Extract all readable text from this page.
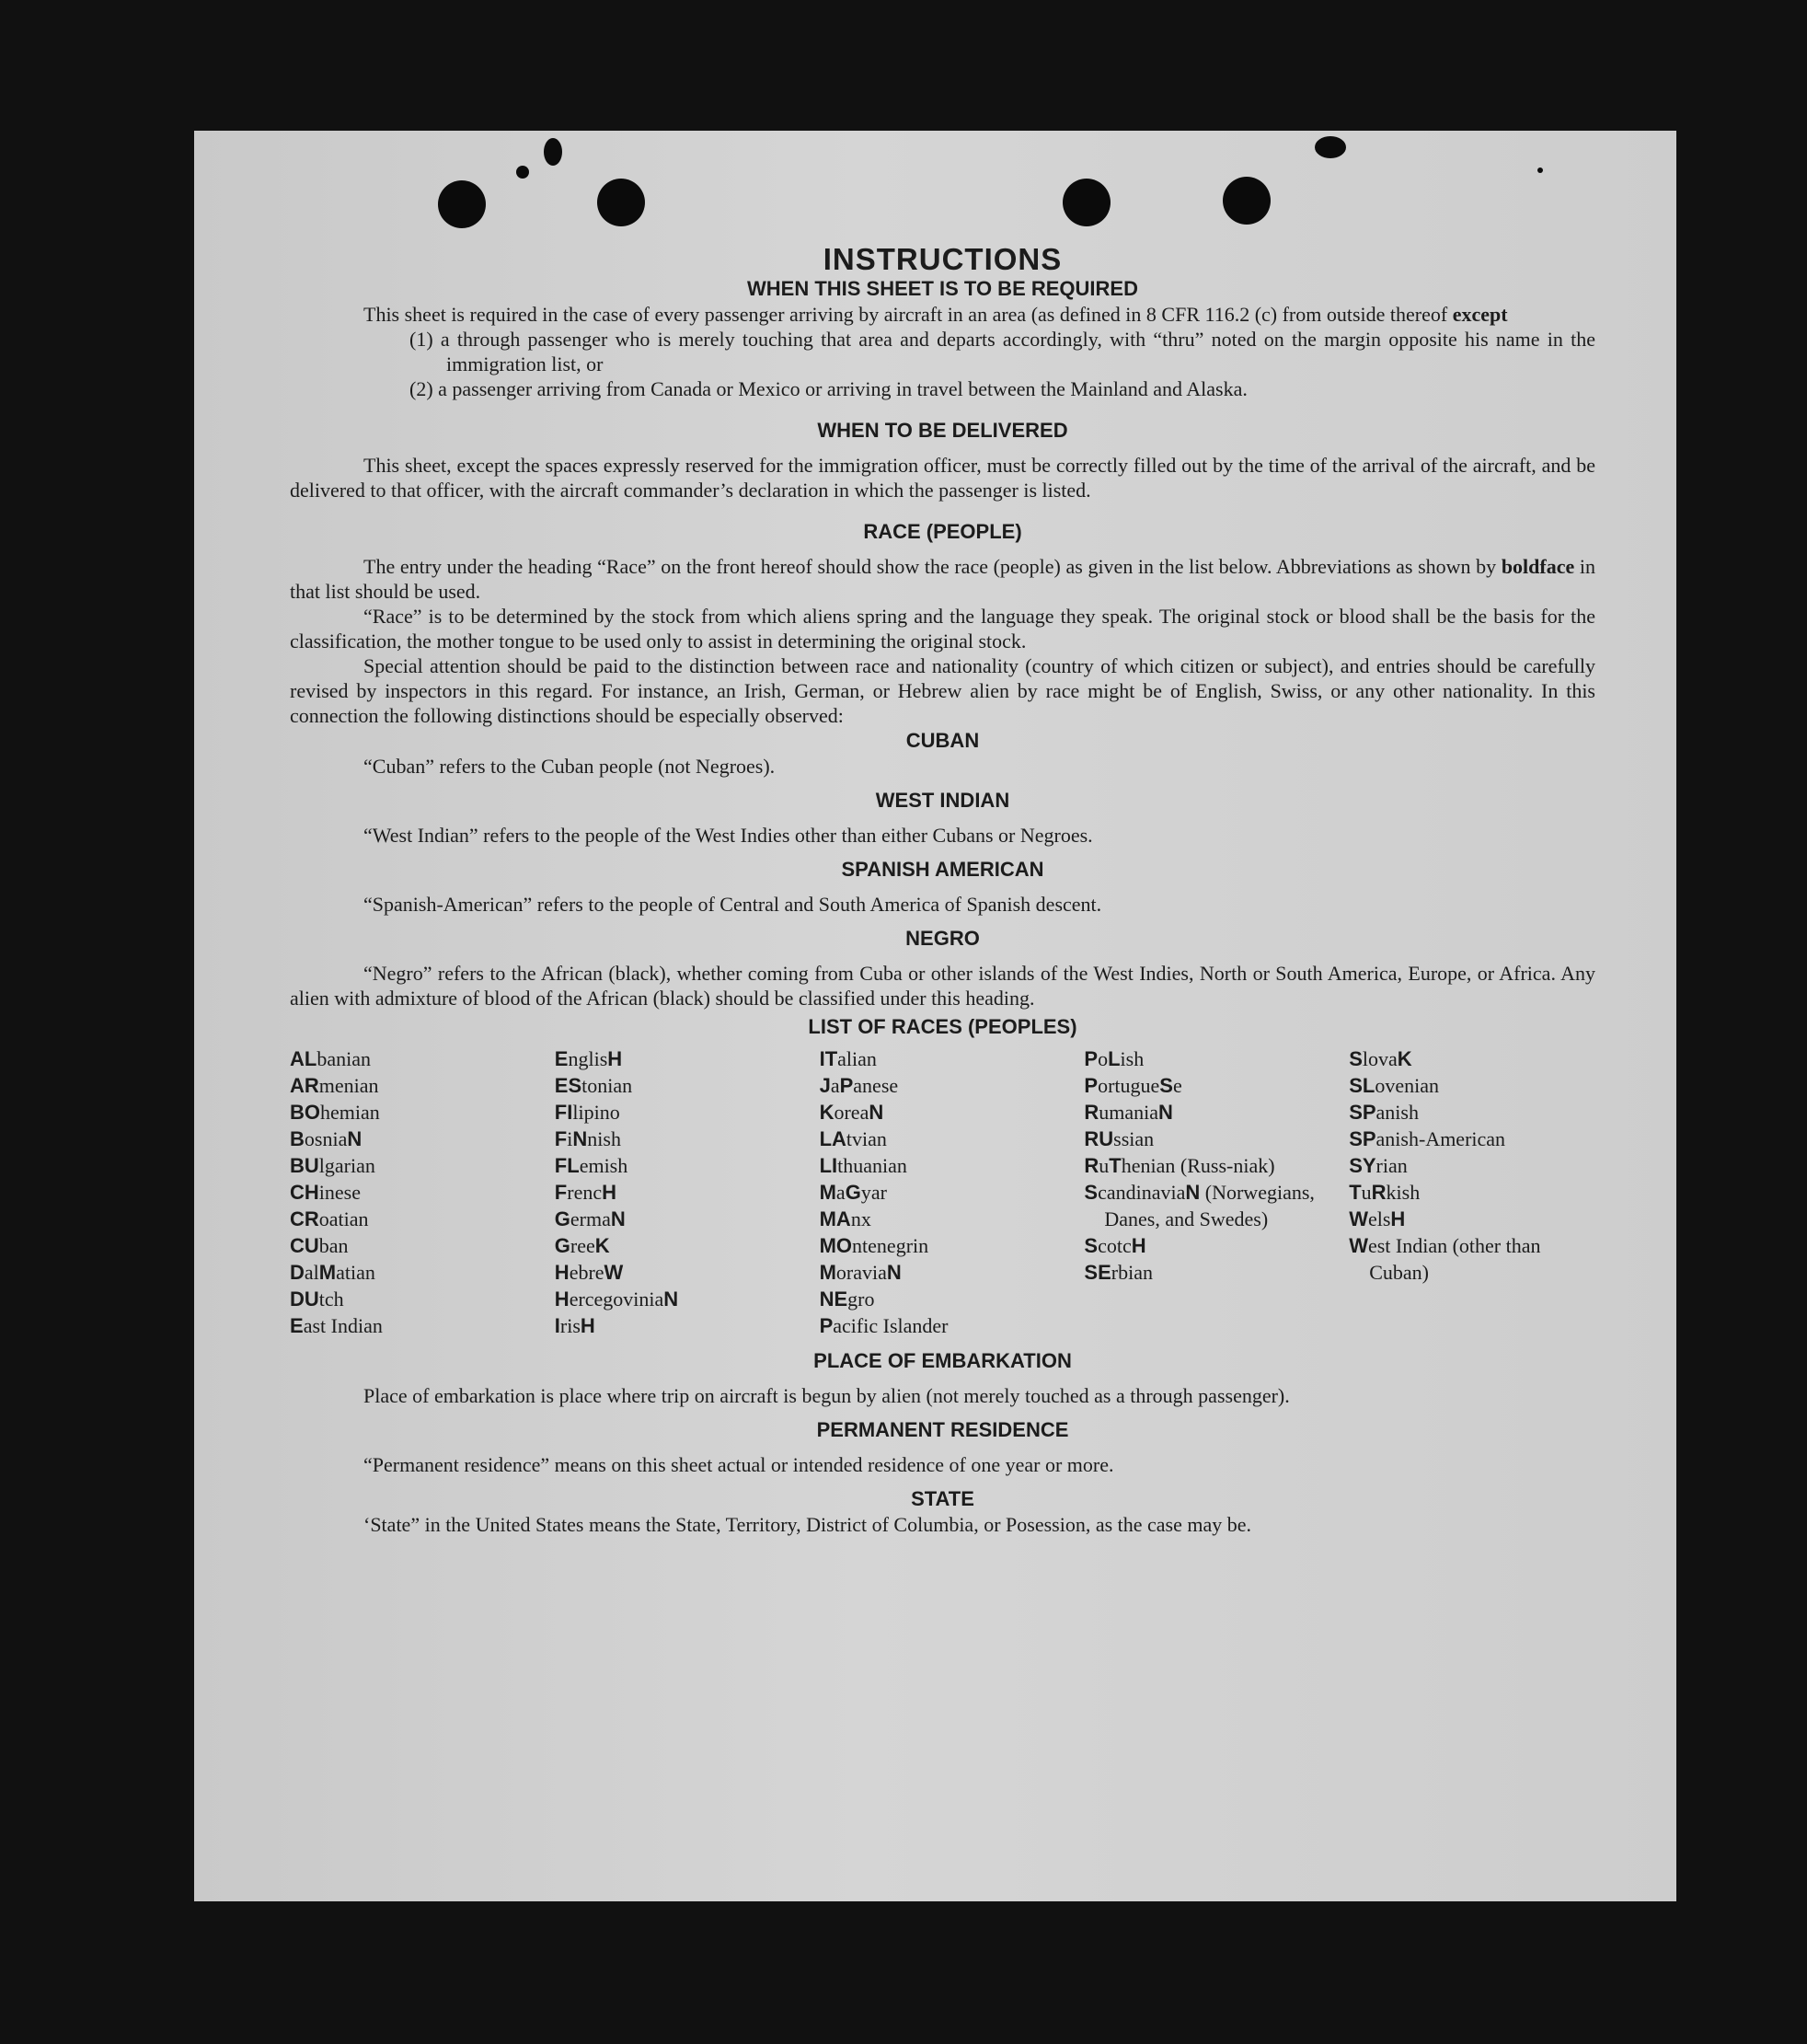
INSTRUCTIONS
WHEN THIS SHEET IS TO BE REQUIRED

This sheet is required in the case of every passenger arriving by aircraft in an area (as defined in 8 CFR 116.2 (c) from outside thereof except

(1) a through passenger who is merely touching that area and departs accordingly, with “thru” noted on the margin opposite his name in the immigration list, or

(2) a passenger arriving from Canada or Mexico or arriving in travel between the Mainland and Alaska.

WHEN TO BE DELIVERED

This sheet, except the spaces expressly reserved for the immigration officer, must be correctly filled out by the time of the arrival of the aircraft, and be delivered to that officer, with the aircraft commander’s declaration in which the passenger is listed.

RACE (PEOPLE)

The entry under the heading “Race” on the front hereof should show the race (people) as given in the list below. Abbreviations as shown by boldface in that list should be used.

“Race” is to be determined by the stock from which aliens spring and the language they speak. The original stock or blood shall be the basis for the classification, the mother tongue to be used only to assist in determining the original stock.

Special attention should be paid to the distinction between race and nationality (country of which citizen or subject), and entries should be carefully revised by inspectors in this regard. For instance, an Irish, German, or Hebrew alien by race might be of English, Swiss, or any other nationality. In this connection the following distinctions should be especially observed:

CUBAN

“Cuban” refers to the Cuban people (not Negroes).

WEST INDIAN

“West Indian” refers to the people of the West Indies other than either Cubans or Negroes.

SPANISH AMERICAN

“Spanish-American” refers to the people of Central and South America of Spanish descent.

NEGRO

“Negro” refers to the African (black), whether coming from Cuba or other islands of the West Indies, North or South America, Europe, or Africa. Any alien with admixture of blood of the African (black) should be classified under this heading.

LIST OF RACES (PEOPLES)
ALbanian
ARmenian
BOhemian
BosniaN
BUlgarian
CHinese
CRoatian
CUban
DalMatian
DUtch
East Indian
EnglisH
EStonian
FIlipino
FiNnish
FLemish
FrencH
GermaN
GreeK
HebreW
HercegoviniaN
IrisH
ITalian
JaPanese
KoreaN
LAtvian
LIthuanian
MaGyar
MAnx
MOntenegrin
MoraviaN
NEgro
Pacific Islander
PoLish
PortugueSe
RumaniaN
RUssian
RuThenian (Russ-niak)
ScandinaviaN (Norwegians, Danes, and Swedes)
ScotcH
SErbian
SlovaK
SLovenian
SPanish
SPanish-American
SYrian
TuRkish
WelsH
West Indian (other than Cuban)
PLACE OF EMBARKATION

Place of embarkation is place where trip on aircraft is begun by alien (not merely touched as a through passenger).

PERMANENT RESIDENCE

“Permanent residence” means on this sheet actual or intended residence of one year or more.

STATE

‘State” in the United States means the State, Territory, District of Columbia, or Posession, as the case may be.
